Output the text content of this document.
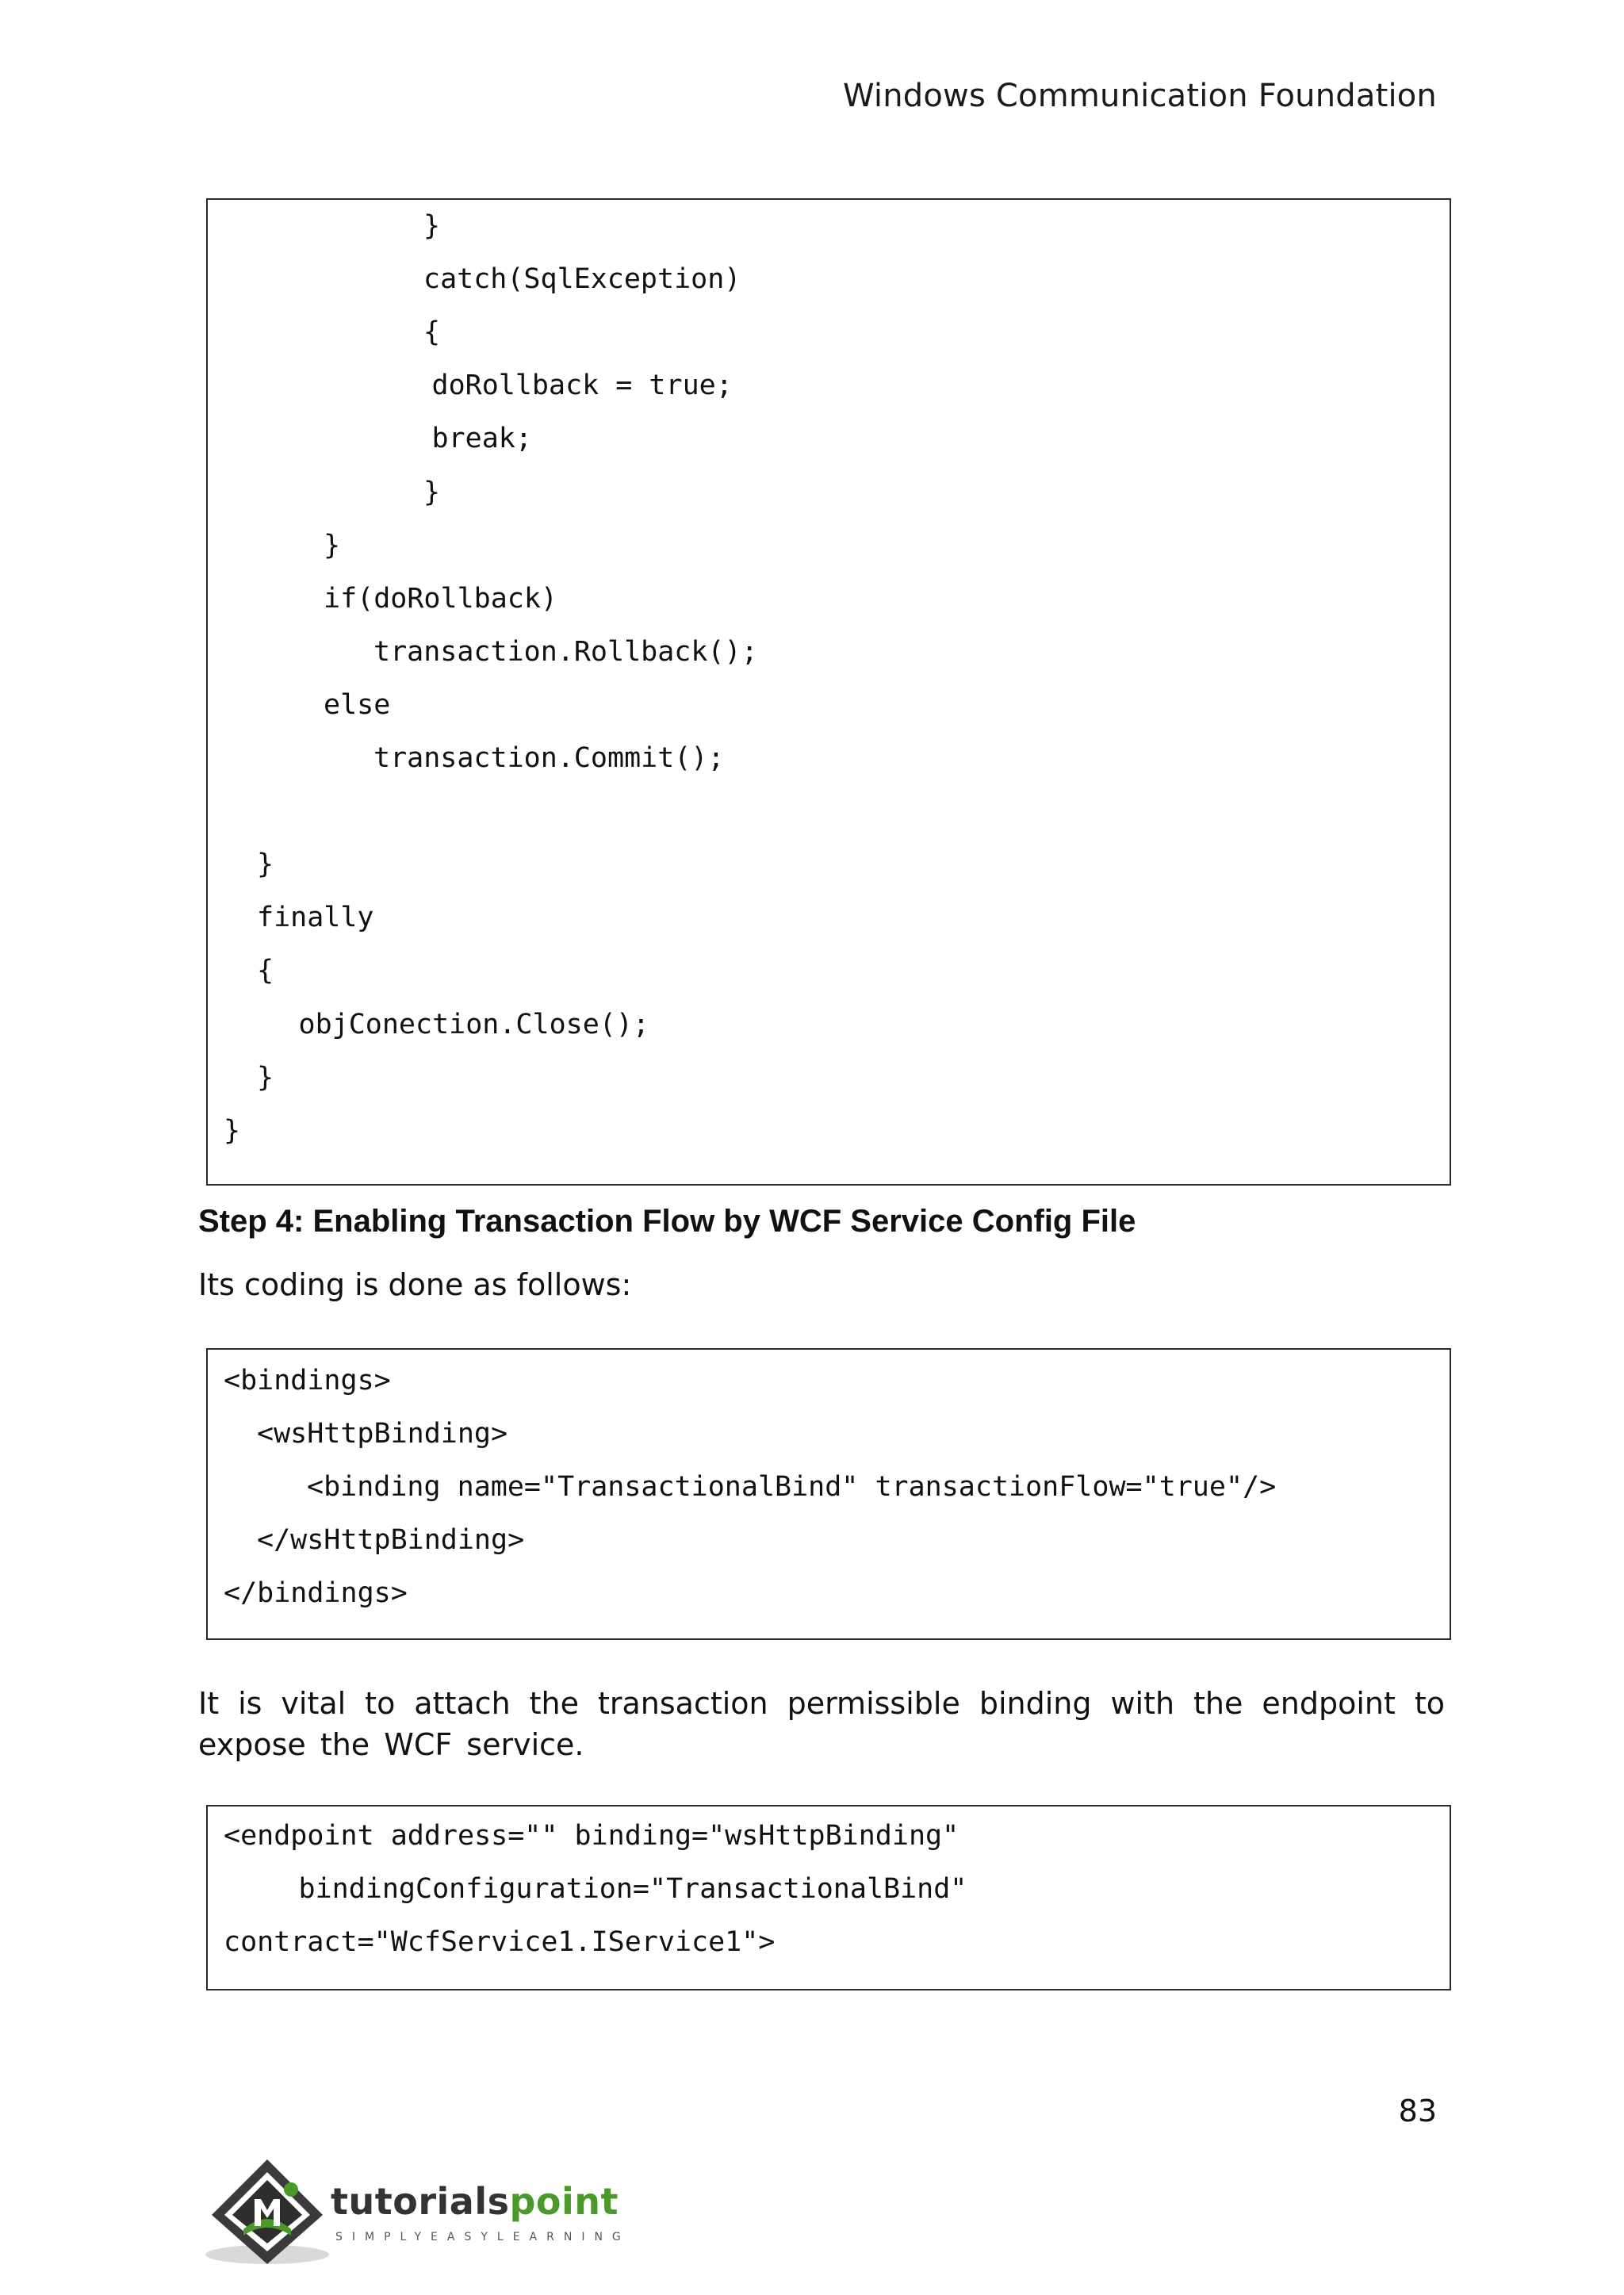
Windows Communication Foundation
}
catch(SqlException)
{
doRollback = true;
break;
}
}
if(doRollback)
transaction.Rollback();
else
transaction.Commit();
}
finally
{
objConection.Close();
}
}
Step 4: Enabling Transaction Flow by WCF Service Config File
Its coding is done as follows:
<bindings>
<wsHttpBinding>
<binding name="TransactionalBind" transactionFlow="true"/>
</wsHttpBinding>
</bindings>
It is vital to attach the transaction permissible binding with the endpoint to expose the WCF service.
<endpoint address="" binding="wsHttpBinding"
bindingConfiguration="TransactionalBind"
contract="WcfService1.IService1">
83
tutorialspoint
SIMPLYEASYLEARNING
